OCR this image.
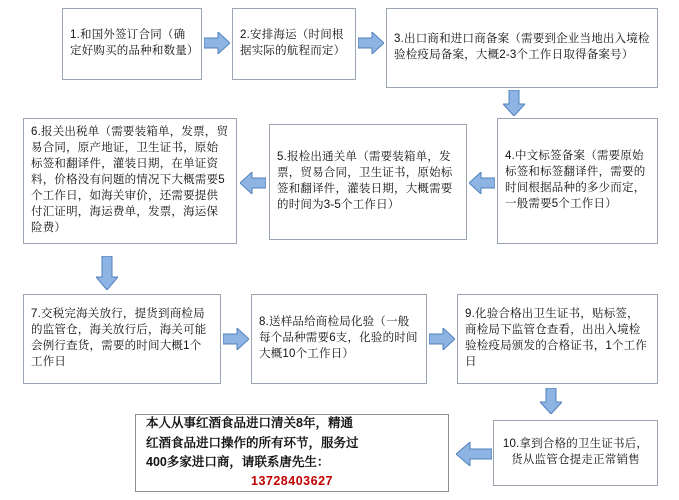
1.和国外签订合同（确定好购买的品种和数量）
2.安排海运（时间根据实际的航程而定）
3.出口商和进口商备案（需要到企业当地出入境检验检疫局备案，大概2-3个工作日取得备案号）
6.报关出税单（需要装箱单，发票，贸易合同，原产地证，卫生证书，原始标签和翻译件，灌装日期，在单证资料，价格没有问题的情况下大概需要5个工作日，如海关审价，还需要提供付汇证明，海运费单，发票，海运保险费）
5.报检出通关单（需要装箱单，发票，贸易合同，卫生证书，原始标签和翻译件，灌装日期，大概需要的时间为3-5个工作日）
4.中文标签备案（需要原始标签和标签翻译件，需要的时间根据品种的多少而定，一般需要5个工作日）
7.交税完海关放行，提货到商检局的监管仓，海关放行后，海关可能会例行查货，需要的时间大概1个工作日
8.送样品给商检局化验（一般每个品种需要6支，化验的时间大概10个工作日）
9.化验合格出卫生证书，贴标签，商检局下监管仓查看，出出入境检验检疫局颁发的合格证书，1个工作日
10.拿到合格的卫生证书后，货从监管仓提走正常销售
本人从事红酒食品进口清关8年，精通
红酒食品进口操作的所有环节，服务过
400多家进口商，请联系唐先生：
13728403627
